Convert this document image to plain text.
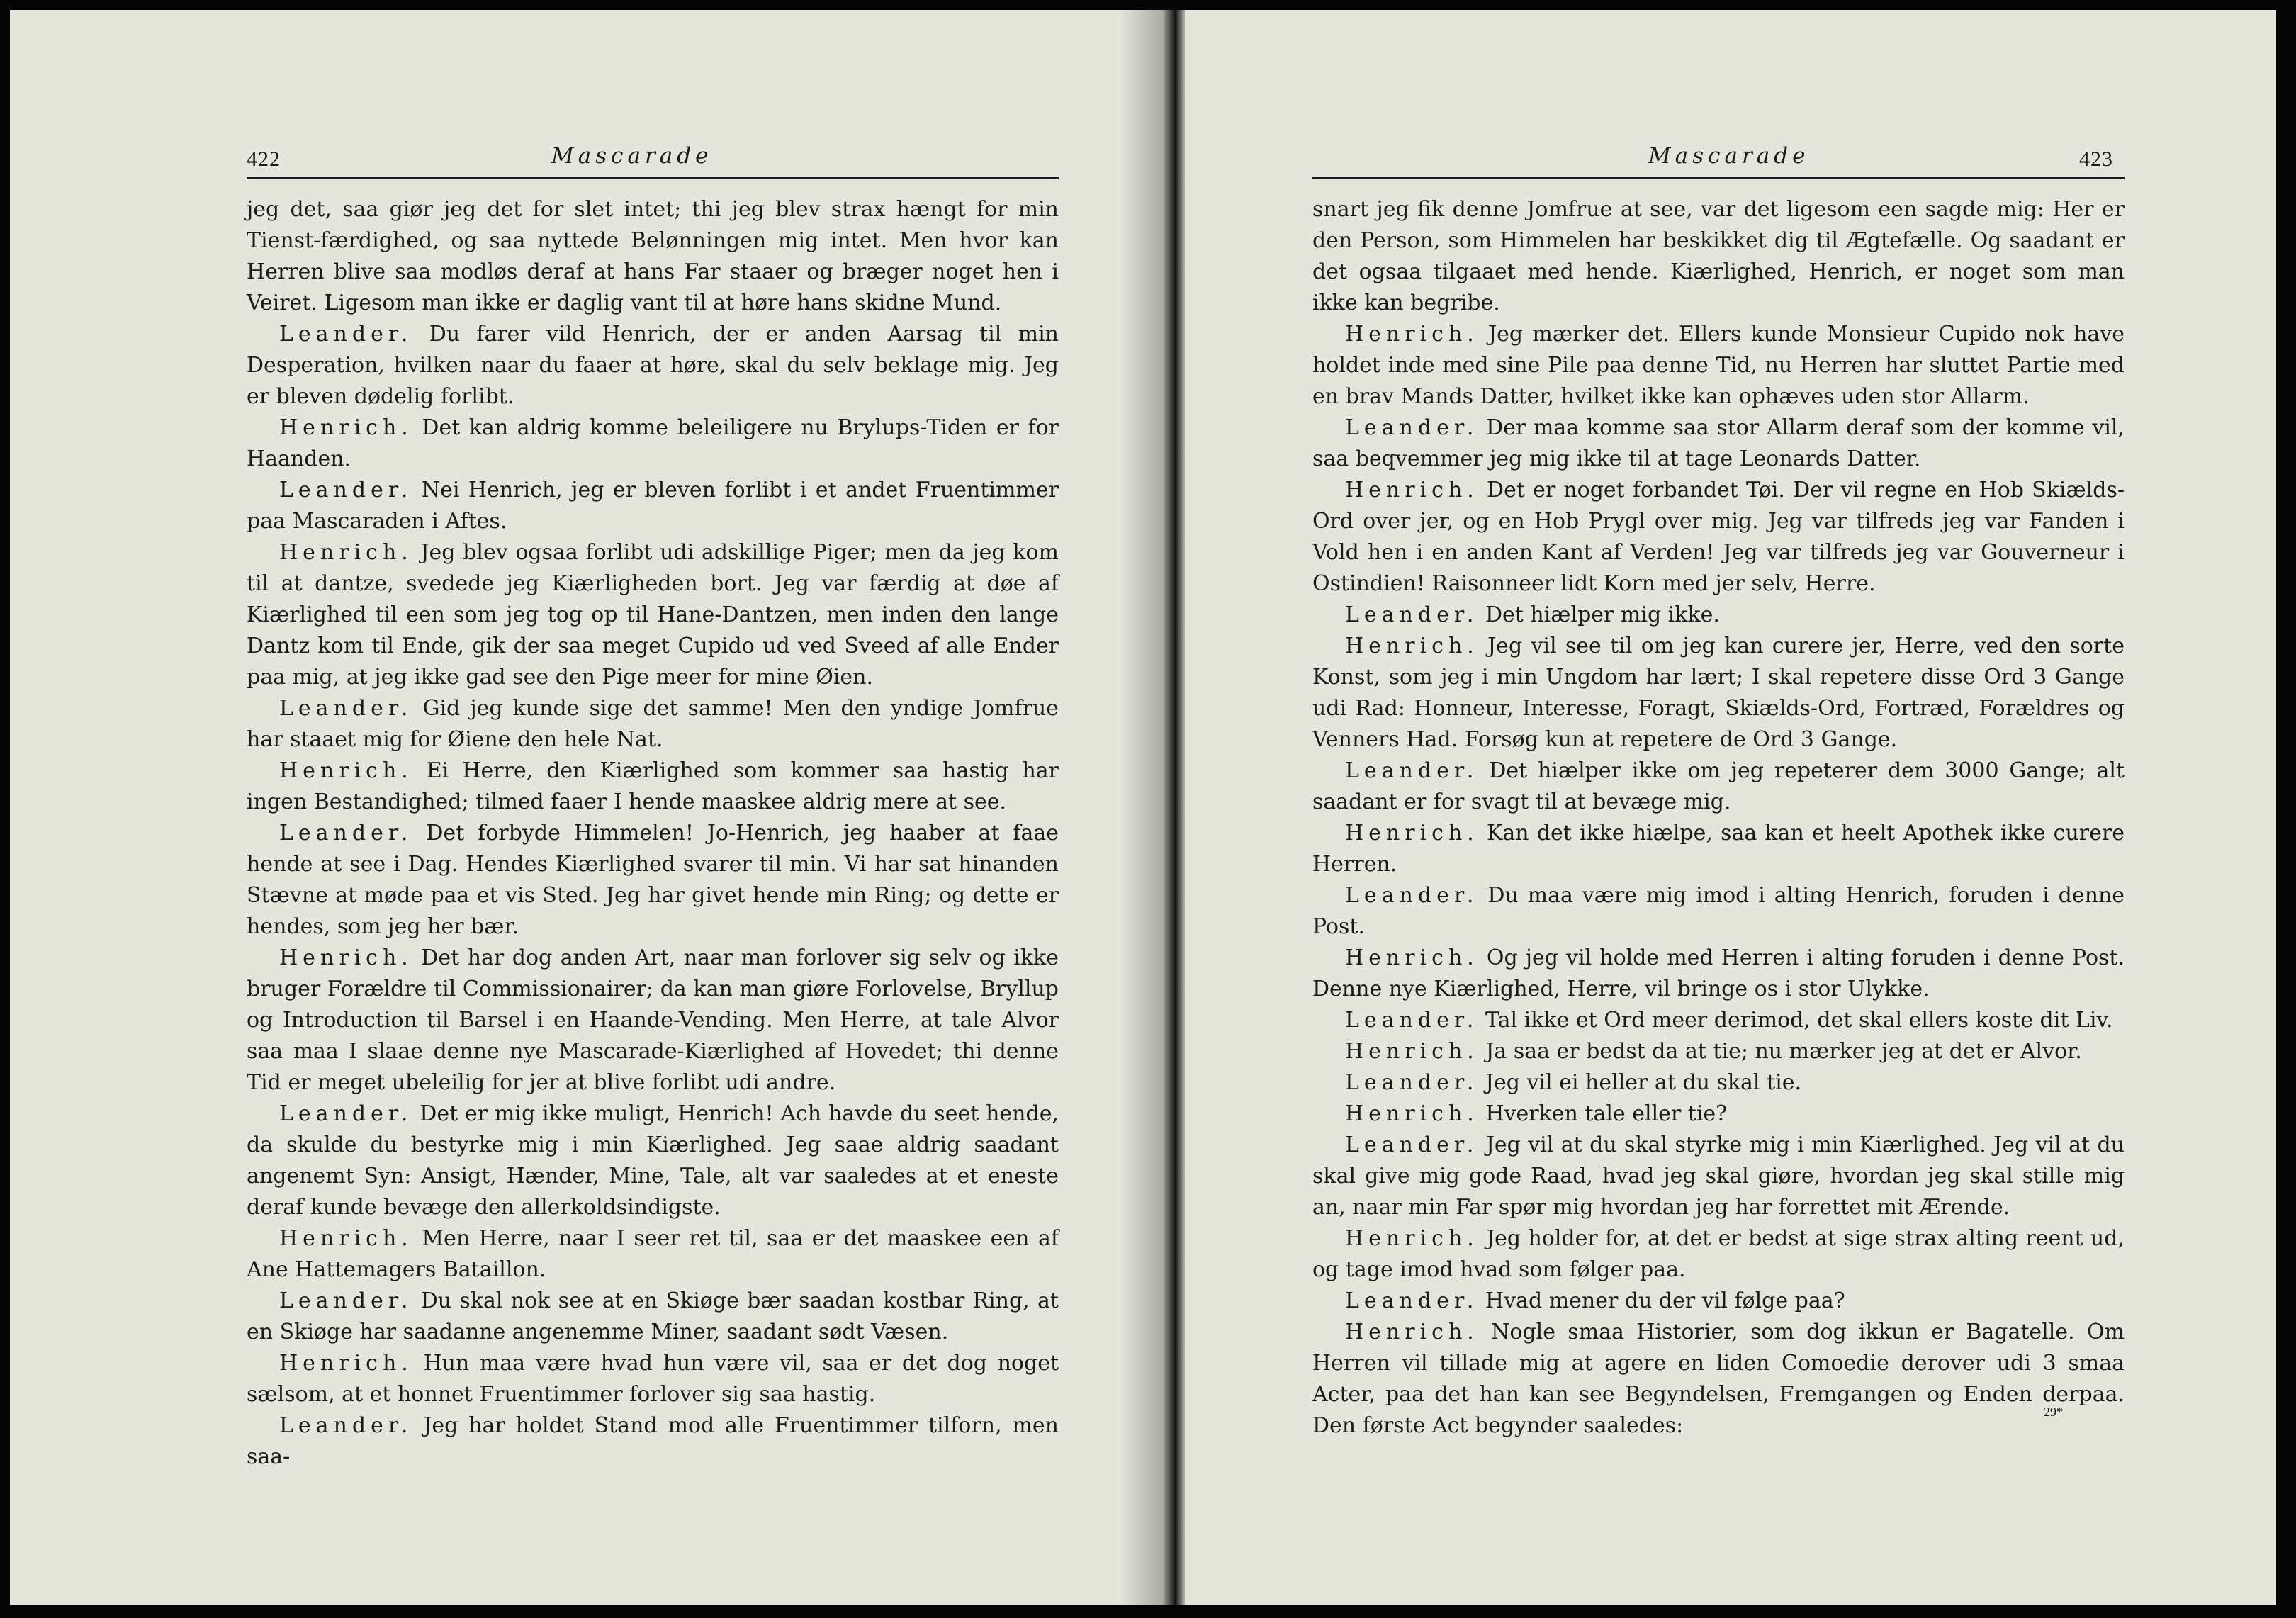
422	Mascarade

jeg det, saa giør jeg det for slet intet; thi jeg blev strax hængt for min Tienst-færdighed, og saa nyttede Belønningen mig intet. Men hvor kan Herren blive saa modløs deraf at hans Far staaer og bræger noget hen i Veiret. Ligesom man ikke er daglig vant til at høre hans skidne Mund.

Leander. Du farer vild Henrich, der er anden Aarsag til min Desperation, hvilken naar du faaer at høre, skal du selv beklage mig. Jeg er bleven dødelig forlibt.

Henrich. Det kan aldrig komme beleiligere nu Brylups-Tiden er for Haanden.

Leander. Nei Henrich, jeg er bleven forlibt i et andet Fruentimmer paa Mascaraden i Aftes.

Henrich. Jeg blev ogsaa forlibt udi adskillige Piger; men da jeg kom til at dantze, svedede jeg Kiærligheden bort. Jeg var færdig at døe af Kiærlighed til een som jeg tog op til Hane-Dantzen, men inden den lange Dantz kom til Ende, gik der saa meget Cupido ud ved Sveed af alle Ender paa mig, at jeg ikke gad see den Pige meer for mine Øien.

Leander. Gid jeg kunde sige det samme! Men den yndige Jomfrue har staaet mig for Øiene den hele Nat.

Henrich. Ei Herre, den Kiærlighed som kommer saa hastig har ingen Bestandighed; tilmed faaer I hende maaskee aldrig mere at see.

Leander. Det forbyde Himmelen! Jo-Henrich, jeg haaber at faae hende at see i Dag. Hendes Kiærlighed svarer til min. Vi har sat hinanden Stævne at møde paa et vis Sted. Jeg har givet hende min Ring; og dette er hendes, som jeg her bær.

Henrich. Det har dog anden Art, naar man forlover sig selv og ikke bruger Forældre til Commissionairer; da kan man giøre Forlovelse, Bryllup og Introduction til Barsel i en Haande-Vending. Men Herre, at tale Alvor saa maa I slaae denne nye Mascarade-Kiærlighed af Hovedet; thi denne Tid er meget ubeleilig for jer at blive forlibt udi andre.

Leander. Det er mig ikke muligt, Henrich! Ach havde du seet hende, da skulde du bestyrke mig i min Kiærlighed. Jeg saae aldrig saadant angenemt Syn: Ansigt, Hænder, Mine, Tale, alt var saaledes at et eneste deraf kunde bevæge den allerkoldsindigste.

Henrich. Men Herre, naar I seer ret til, saa er det maaskee een af Ane Hattemagers Bataillon.

Leander. Du skal nok see at en Skiøge bær saadan kostbar Ring, at en Skiøge har saadanne angenemme Miner, saadant sødt Væsen.

Henrich. Hun maa være hvad hun være vil, saa er det dog noget sælsom, at et honnet Fruentimmer forlover sig saa hastig.

Leander. Jeg har holdet Stand mod alle Fruentimmer tilforn, men saa-

Mascarade	423

snart jeg fik denne Jomfrue at see, var det ligesom een sagde mig: Her er den Person, som Himmelen har beskikket dig til Ægtefælle. Og saadant er det ogsaa tilgaaet med hende. Kiærlighed, Henrich, er noget som man ikke kan begribe.

Henrich. Jeg mærker det. Ellers kunde Monsieur Cupido nok have holdet inde med sine Pile paa denne Tid, nu Herren har sluttet Partie med en brav Mands Datter, hvilket ikke kan ophæves uden stor Allarm.

Leander. Der maa komme saa stor Allarm deraf som der komme vil, saa beqvemmer jeg mig ikke til at tage Leonards Datter.

Henrich. Det er noget forbandet Tøi. Der vil regne en Hob Skiælds-Ord over jer, og en Hob Prygl over mig. Jeg var tilfreds jeg var Fanden i Vold hen i en anden Kant af Verden! Jeg var tilfreds jeg var Gouverneur i Ostindien! Raisonneer lidt Korn med jer selv, Herre.

Leander. Det hiælper mig ikke.

Henrich. Jeg vil see til om jeg kan curere jer, Herre, ved den sorte Konst, som jeg i min Ungdom har lært; I skal repetere disse Ord 3 Gange udi Rad: Honneur, Interesse, Foragt, Skiælds-Ord, Fortræd, Forældres og Venners Had. Forsøg kun at repetere de Ord 3 Gange.

Leander. Det hiælper ikke om jeg repeterer dem 3000 Gange; alt saadant er for svagt til at bevæge mig.

Henrich. Kan det ikke hiælpe, saa kan et heelt Apothek ikke curere Herren.

Leander. Du maa være mig imod i alting Henrich, foruden i denne Post.

Henrich. Og jeg vil holde med Herren i alting foruden i denne Post. Denne nye Kiærlighed, Herre, vil bringe os i stor Ulykke.

Leander. Tal ikke et Ord meer derimod, det skal ellers koste dit Liv.

Henrich. Ja saa er bedst da at tie; nu mærker jeg at det er Alvor.

Leander. Jeg vil ei heller at du skal tie.

Henrich. Hverken tale eller tie?

Leander. Jeg vil at du skal styrke mig i min Kiærlighed. Jeg vil at du skal give mig gode Raad, hvad jeg skal giøre, hvordan jeg skal stille mig an, naar min Far spør mig hvordan jeg har forrettet mit Ærende.

Henrich. Jeg holder for, at det er bedst at sige strax alting reent ud, og tage imod hvad som følger paa.

Leander. Hvad mener du der vil følge paa?

Henrich. Nogle smaa Historier, som dog ikkun er Bagatelle. Om Herren vil tillade mig at agere en liden Comoedie derover udi 3 smaa Acter, paa det han kan see Begyndelsen, Fremgangen og Enden derpaa. Den første Act begynder saaledes:

29*
